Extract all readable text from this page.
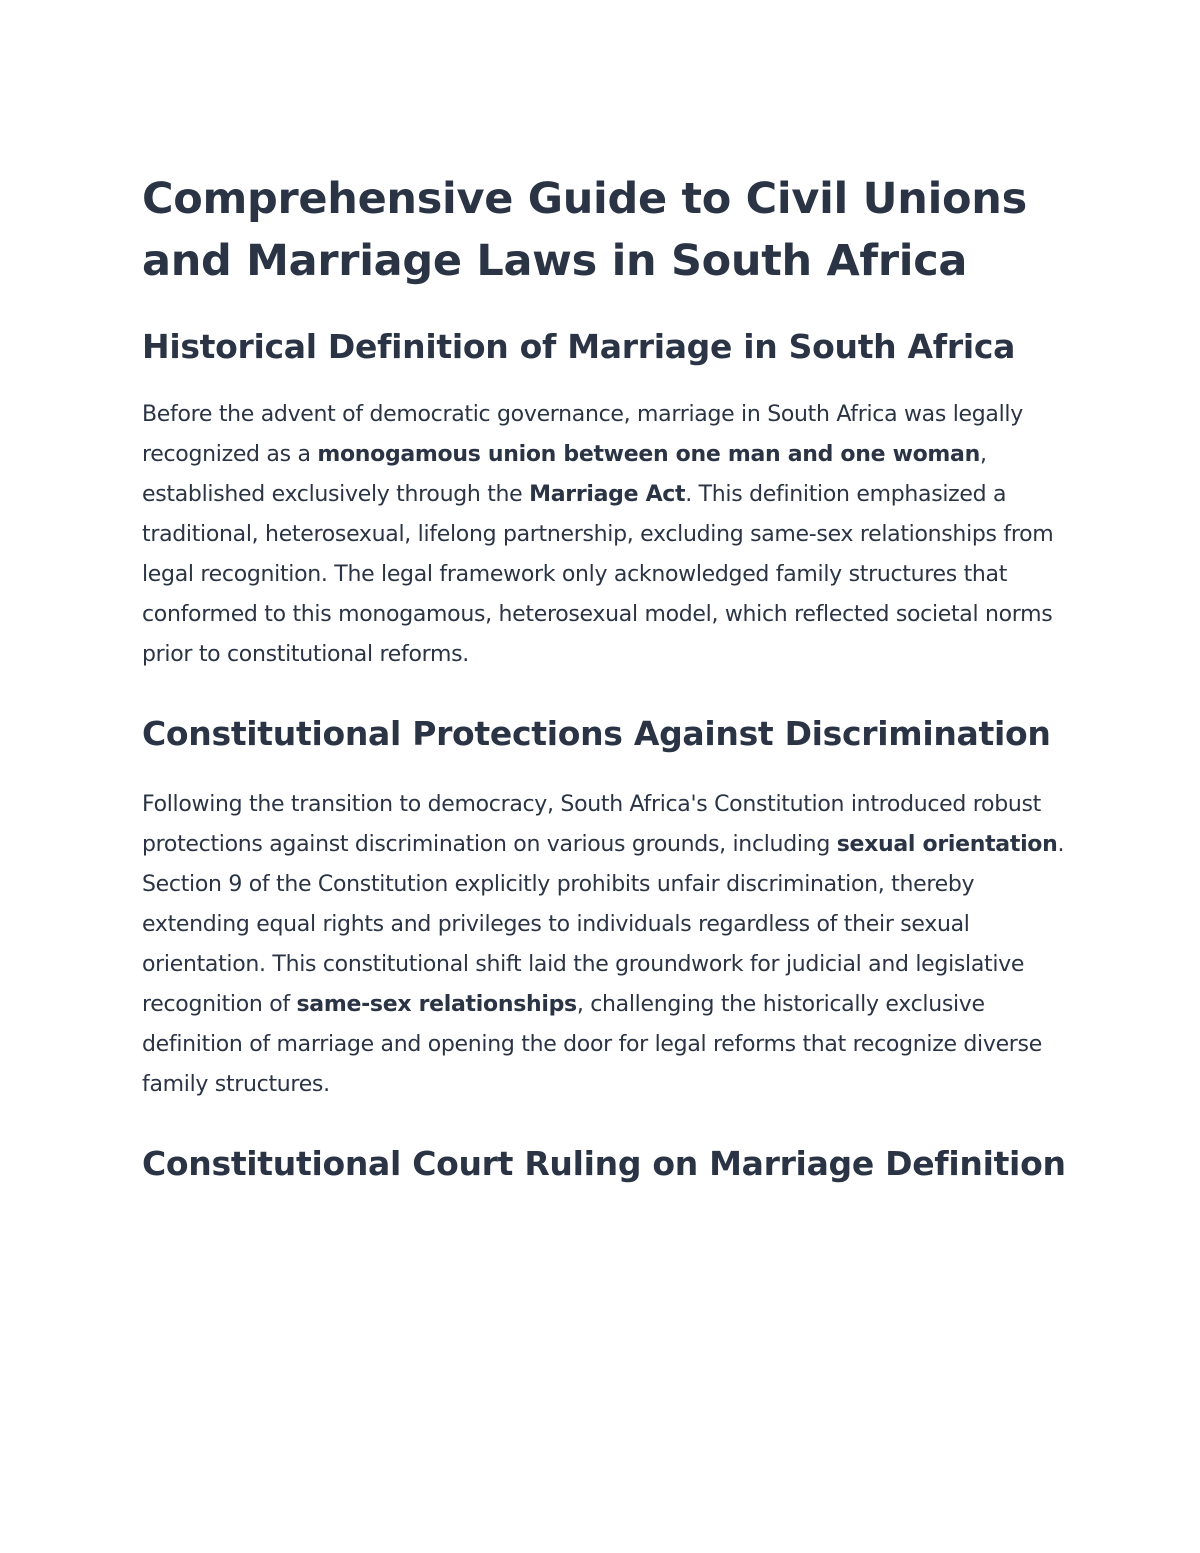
Comprehensive Guide to Civil Unions and Marriage Laws in South Africa
Historical Definition of Marriage in South Africa

Before the advent of democratic governance, marriage in South Africa was legally recognized as a monogamous union between one man and one woman, established exclusively through the Marriage Act. This definition emphasized a traditional, heterosexual, lifelong partnership, excluding same-sex relationships from legal recognition. The legal framework only acknowledged family structures that conformed to this monogamous, heterosexual model, which reflected societal norms prior to constitutional reforms.

Constitutional Protections Against Discrimination

Following the transition to democracy, South Africa's Constitution introduced robust protections against discrimination on various grounds, including sexual orientation. Section 9 of the Constitution explicitly prohibits unfair discrimination, thereby extending equal rights and privileges to individuals regardless of their sexual orientation. This constitutional shift laid the groundwork for judicial and legislative recognition of same-sex relationships, challenging the historically exclusive definition of marriage and opening the door for legal reforms that recognize diverse family structures.

Constitutional Court Ruling on Marriage Definition
